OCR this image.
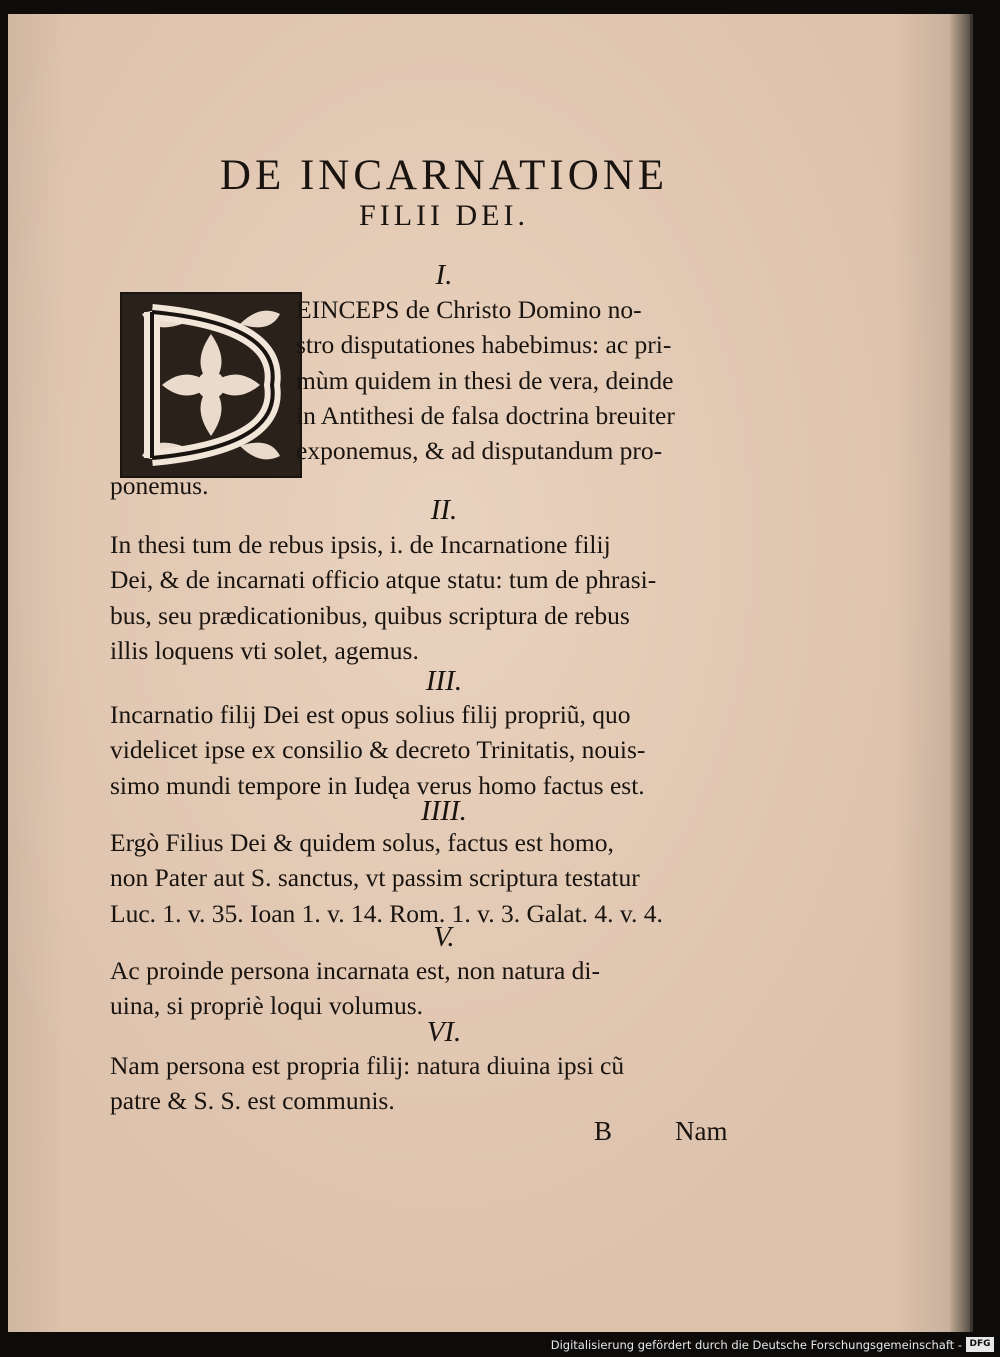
DE INCARNATIONE
FILII DEI.
I.
EINCEPS de Christo Domino no-
stro disputationes habebimus: ac pri-
mùm quidem in thesi de vera, deinde
in Antithesi de falsa doctrina breuiter
exponemus, & ad disputandum pro-
ponemus.
II.
In thesi tum de rebus ipsis, i. de Incarnatione filij
Dei, & de incarnati officio atque statu: tum de phrasi-
bus, seu prædicationibus, quibus scriptura de rebus
illis loquens vti solet, agemus.
III.
Incarnatio filij Dei est opus solius filij propriũ, quo
videlicet ipse ex consilio & decreto Trinitatis, nouis-
simo mundi tempore in Iudęa verus homo factus est.
IIII.
Ergò Filius Dei & quidem solus, factus est homo,
non Pater aut S. sanctus, vt passim scriptura testatur
Luc. 1. v. 35. Ioan 1. v. 14. Rom. 1. v. 3. Galat. 4. v. 4.
V.
Ac proinde persona incarnata est, non natura di-
uina, si propriè loqui volumus.
VI.
Nam persona est propria filij: natura diuina ipsi cũ
patre & S. S. est communis.
B Nam
Digitalisierung gefördert durch die Deutsche Forschungsgemeinschaft - DFG
